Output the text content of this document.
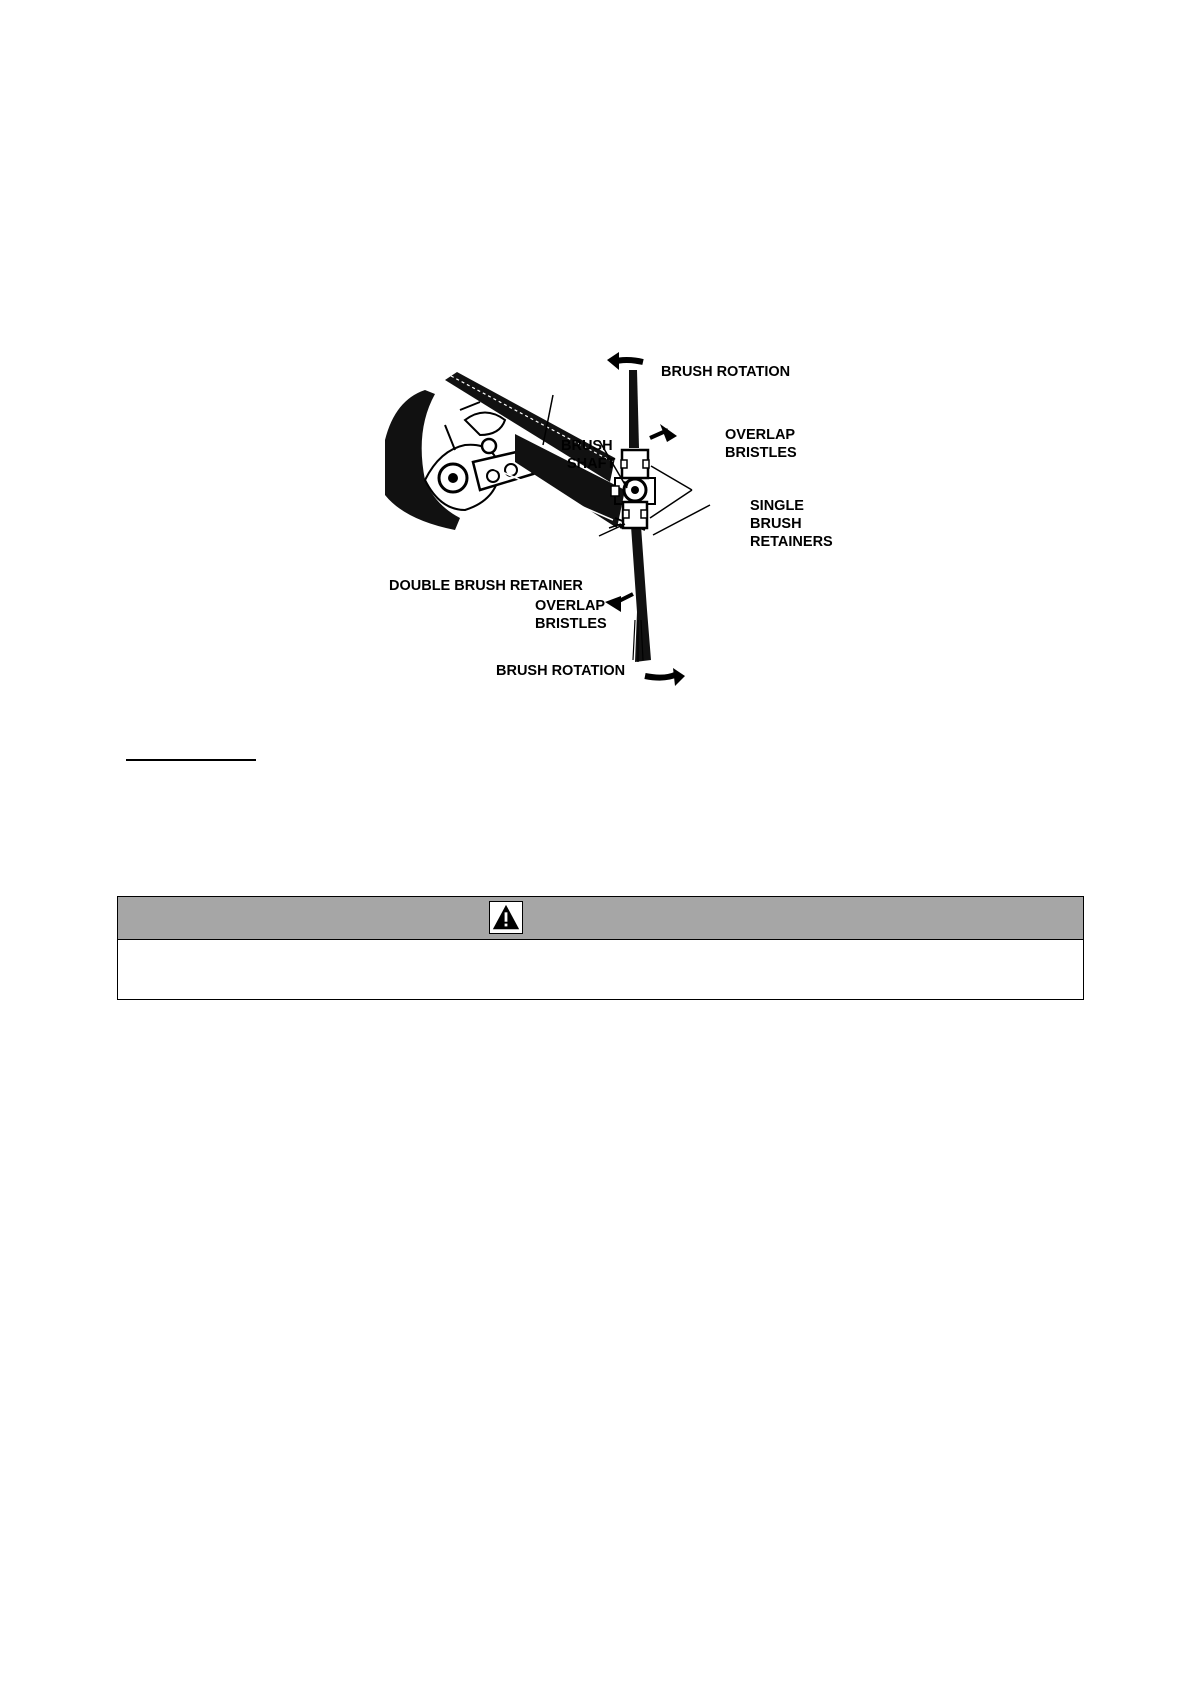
BRUSH ROTATION
OVERLAP
BRISTLES
BRUSH
SHAFT
SINGLE
BRUSH
RETAINERS
DOUBLE BRUSH RETAINER
OVERLAP
BRISTLES
BRUSH ROTATION
